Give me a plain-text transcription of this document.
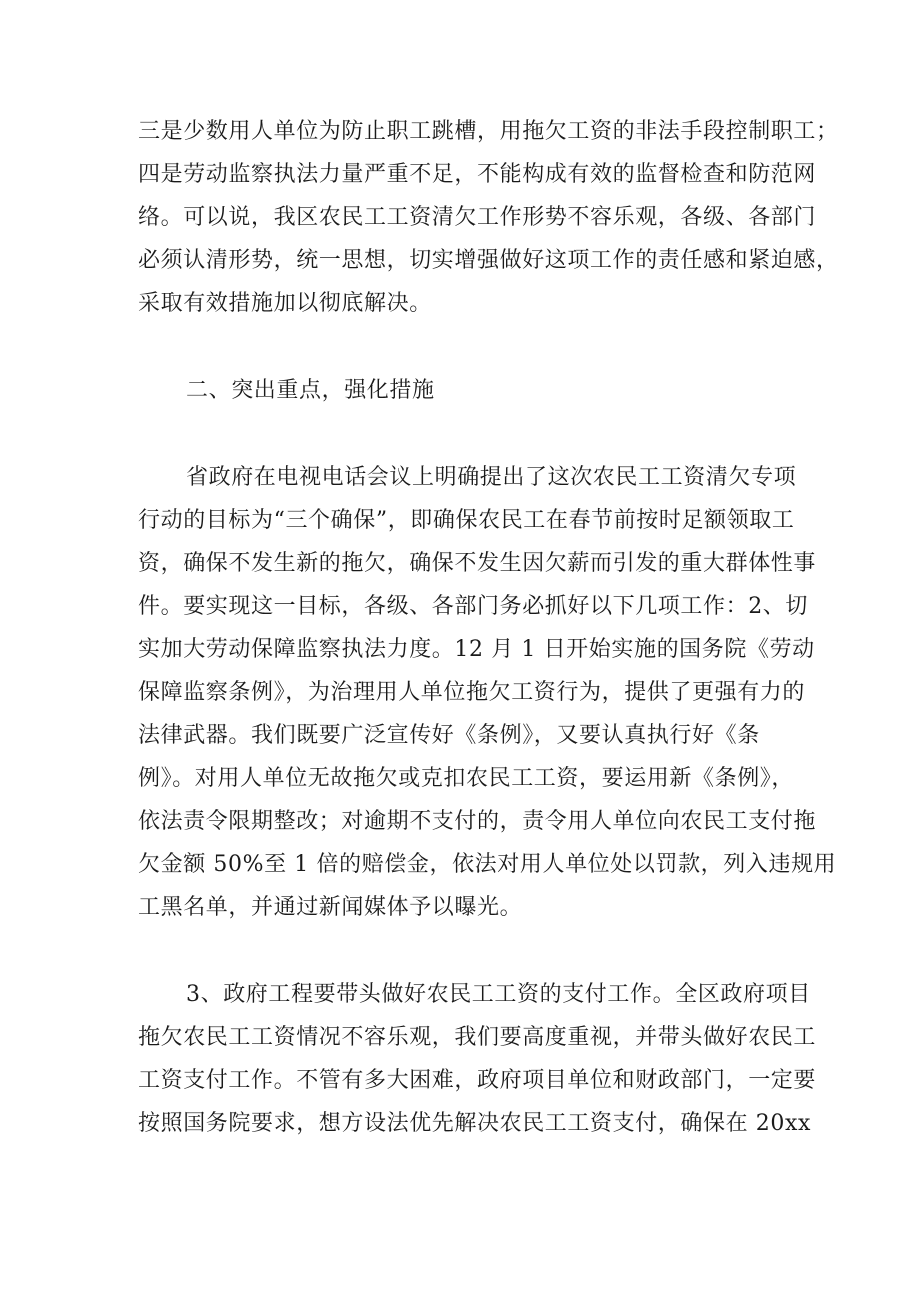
三是少数用人单位为防止职工跳槽，用拖欠工资的非法手段控制职工；
四是劳动监察执法力量严重不足，不能构成有效的监督检查和防范网
络。可以说，我区农民工工资清欠工作形势不容乐观，各级、各部门
必须认清形势，统一思想，切实增强做好这项工作的责任感和紧迫感，
采取有效措施加以彻底解决。
二、突出重点，强化措施
省政府在电视电话会议上明确提出了这次农民工工资清欠专项
行动的目标为“三个确保”，即确保农民工在春节前按时足额领取工
资，确保不发生新的拖欠，确保不发生因欠薪而引发的重大群体性事
件。要实现这一目标，各级、各部门务必抓好以下几项工作：2、切
实加大劳动保障监察执法力度。12 月 1 日开始实施的国务院《劳动
保障监察条例》，为治理用人单位拖欠工资行为，提供了更强有力的
法律武器。我们既要广泛宣传好《条例》，又要认真执行好《条
例》。对用人单位无故拖欠或克扣农民工工资，要运用新《条例》，
依法责令限期整改；对逾期不支付的，责令用人单位向农民工支付拖
欠金额 50%至 1 倍的赔偿金，依法对用人单位处以罚款，列入违规用
工黑名单，并通过新闻媒体予以曝光。
3、政府工程要带头做好农民工工资的支付工作。全区政府项目
拖欠农民工工资情况不容乐观，我们要高度重视，并带头做好农民工
工资支付工作。不管有多大困难，政府项目单位和财政部门，一定要
按照国务院要求，想方设法优先解决农民工工资支付，确保在 20xx
